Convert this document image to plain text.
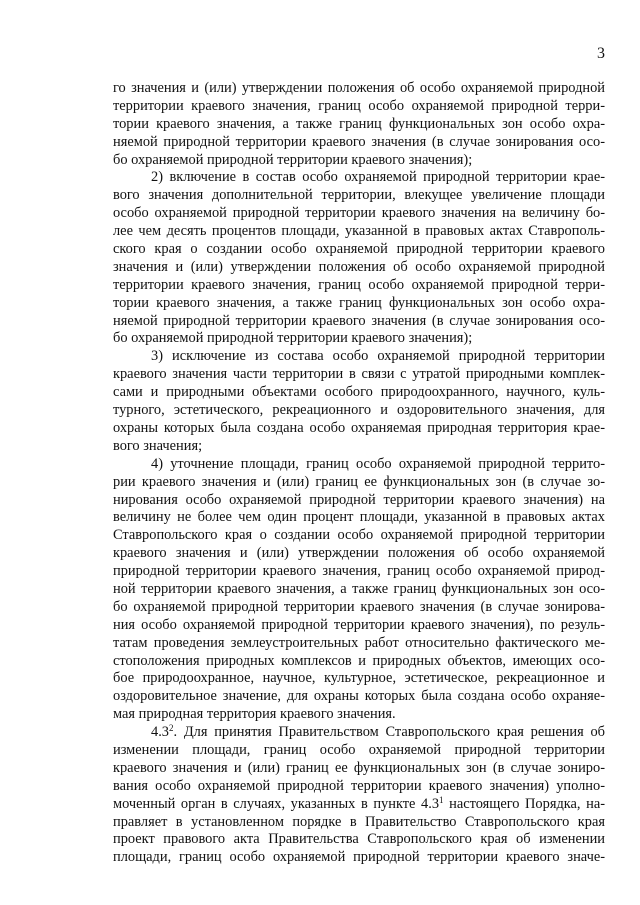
3
го значения и (или) утверждении положения об особо охраняемой природной
территории краевого значения, границ особо охраняемой природной терри-
тории краевого значения, а также границ функциональных зон особо охра-
няемой природной территории краевого значения (в случае зонирования осо-
бо охраняемой природной территории краевого значения);
2) включение в состав особо охраняемой природной территории крае-
вого значения дополнительной территории, влекущее увеличение площади
особо охраняемой природной территории краевого значения на величину бо-
лее чем десять процентов площади, указанной в правовых актах Ставрополь-
ского края о создании особо охраняемой природной территории краевого
значения и (или) утверждении положения об особо охраняемой природной
территории краевого значения, границ особо охраняемой природной терри-
тории краевого значения, а также границ функциональных зон особо охра-
няемой природной территории краевого значения (в случае зонирования осо-
бо охраняемой природной территории краевого значения);
3) исключение из состава особо охраняемой природной территории
краевого значения части территории в связи с утратой природными комплек-
сами и природными объектами особого природоохранного, научного, куль-
турного, эстетического, рекреационного и оздоровительного значения, для
охраны которых была создана особо охраняемая природная территория крае-
вого значения;
4) уточнение площади, границ особо охраняемой природной террито-
рии краевого значения и (или) границ ее функциональных зон (в случае зо-
нирования особо охраняемой природной территории краевого значения) на
величину не более чем один процент площади, указанной в правовых актах
Ставропольского края о создании особо охраняемой природной территории
краевого значения и (или) утверждении положения об особо охраняемой
природной территории краевого значения, границ особо охраняемой природ-
ной территории краевого значения, а также границ функциональных зон осо-
бо охраняемой природной территории краевого значения (в случае зонирова-
ния особо охраняемой природной территории краевого значения), по резуль-
татам проведения землеустроительных работ относительно фактического ме-
стоположения природных комплексов и природных объектов, имеющих осо-
бое природоохранное, научное, культурное, эстетическое, рекреационное и
оздоровительное значение, для охраны которых была создана особо охраняе-
мая природная территория краевого значения.
$4.3^2$. Для принятия Правительством Ставропольского края решения об
изменении площади, границ особо охраняемой природной территории
краевого значения и (или) границ ее функциональных зон (в случае зониро-
вания особо охраняемой природной территории краевого значения) уполно-
моченный орган в случаях, указанных в пункте $4.3^1$ настоящего Порядка, на-
правляет в установленном порядке в Правительство Ставропольского края
проект правового акта Правительства Ставропольского края об изменении
площади, границ особо охраняемой природной территории краевого значе-
